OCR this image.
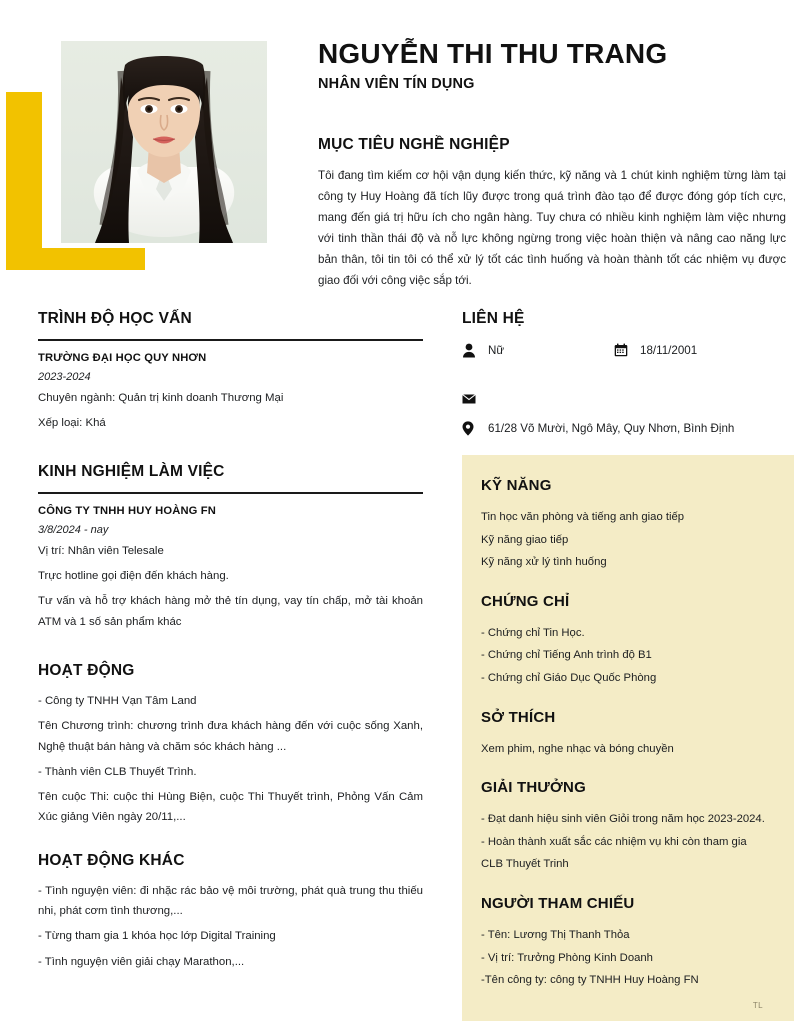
NGUYỄN THI THU TRANG
NHÂN VIÊN TÍN DỤNG
MỤC TIÊU NGHỀ NGHIỆP
Tôi đang tìm kiếm cơ hội vận dụng kiến thức, kỹ năng và 1 chút kinh nghiệm từng làm tại công ty Huy Hoàng đã tích lũy được trong quá trình đào tạo để được đóng góp tích cực, mang đến giá trị hữu ích cho ngân hàng. Tuy chưa có nhiều kinh nghiệm làm việc nhưng với tinh thần thái độ và nỗ lực không ngừng trong việc hoàn thiện và nâng cao năng lực bản thân, tôi tin tôi có thể xử lý tốt các tình huống và hoàn thành tốt các nhiệm vụ được giao đối với công việc sắp tới.
TRÌNH ĐỘ HỌC VẤN
TRƯỜNG ĐẠI HỌC QUY NHƠN
2023-2024
Chuyên ngành: Quản trị kinh doanh Thương Mại
Xếp loại: Khá
KINH NGHIỆM LÀM VIỆC
CÔNG TY TNHH HUY HOÀNG FN
3/8/2024 - nay
Vị trí: Nhân viên Telesale
Trực hotline gọi điện đến khách hàng.
Tư vấn và hỗ trợ khách hàng mở thẻ tín dụng, vay tín chấp, mở tài khoản ATM và 1 số sản phẩm khác
HOẠT ĐỘNG
- Công ty TNHH Vạn Tâm Land
Tên Chương trình: chương trình đưa khách hàng đến với cuộc sống Xanh, Nghệ thuật bán hàng và chăm sóc khách hàng ...
- Thành viên CLB Thuyết Trình.
Tên cuộc Thi: cuộc thi Hùng Biện, cuộc Thi Thuyết trình, Phỏng Vấn Cảm Xúc giảng Viên ngày 20/11,...
HOẠT ĐỘNG KHÁC
- Tình nguyện viên: đi nhặc rác bảo vệ môi trường, phát quà trung thu thiếu nhi, phát cơm tình thương,...
- Từng tham gia 1 khóa học lớp Digital Training
- Tình nguyện viên giải chạy Marathon,...
LIÊN HỆ
Nữ	18/11/2001
61/28 Võ Mười, Ngô Mây, Quy Nhơn, Bình Định
KỸ NĂNG
Tin học văn phòng và tiếng anh giao tiếp
Kỹ năng giao tiếp
Kỹ năng xử lý tình huống
CHỨNG CHỈ
- Chứng chỉ Tin Học.
- Chứng chỉ Tiếng Anh trình độ B1
- Chứng chỉ Giáo Dục Quốc Phòng
SỞ THÍCH
Xem phim, nghe nhạc và bóng chuyền
GIẢI THƯỞNG
- Đạt danh hiệu sinh viên Giỏi trong năm học 2023-2024.
- Hoàn thành xuất sắc các nhiệm vụ khi còn tham gia
CLB Thuyết Trinh
NGƯỜI THAM CHIẾU
- Tên: Lương Thị Thanh Thỏa
- Vị trí: Trưởng Phòng Kinh Doanh
-Tên công ty: công ty TNHH Huy Hoàng FN
TL
